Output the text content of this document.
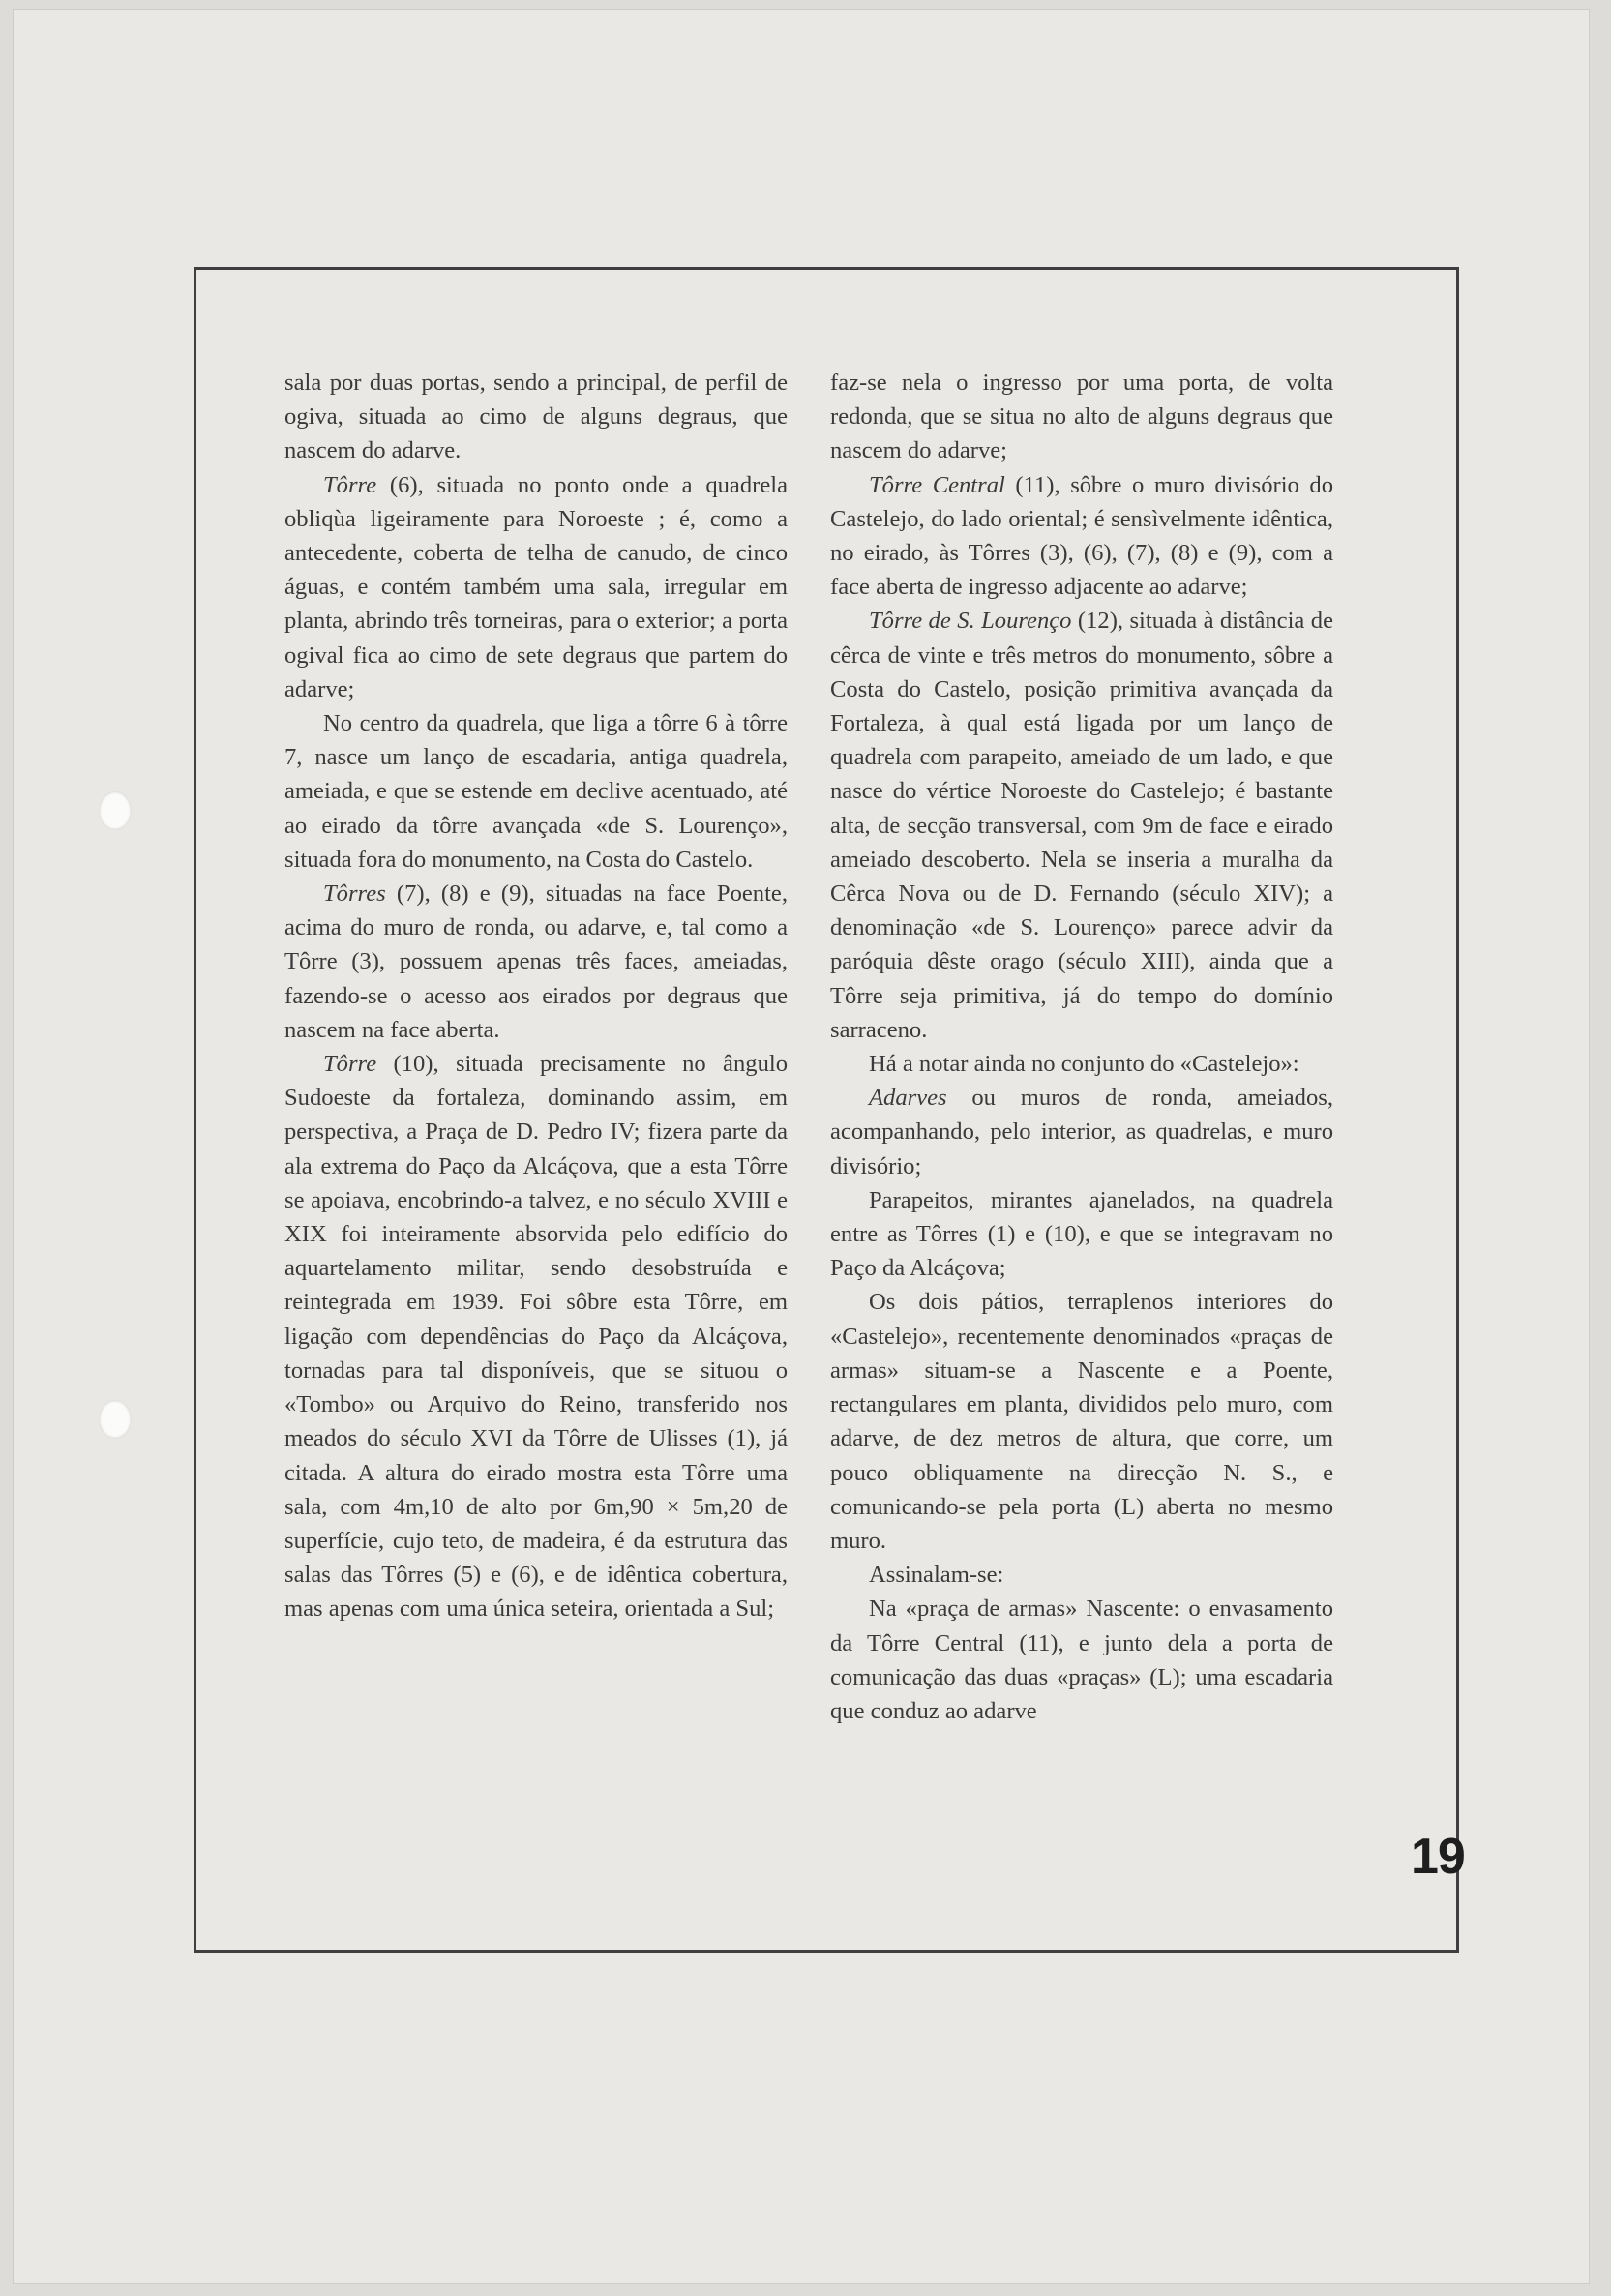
sala por duas portas, sendo a principal, de perfil de ogiva, situada ao cimo de alguns degraus, que nascem do adarve.

Tôrre (6), situada no ponto onde a quadrela obliqùa ligeiramente para Noroeste ; é, como a antecedente, coberta de telha de canudo, de cinco águas, e contém também uma sala, irregular em planta, abrindo três torneiras, para o exterior; a porta ogival fica ao cimo de sete degraus que partem do adarve;

No centro da quadrela, que liga a tôrre 6 à tôrre 7, nasce um lanço de escadaria, antiga quadrela, ameiada, e que se estende em declive acentuado, até ao eirado da tôrre avançada «de S. Lourenço», situada fora do monumento, na Costa do Castelo.

Tôrres (7), (8) e (9), situadas na face Poente, acima do muro de ronda, ou adarve, e, tal como a Tôrre (3), possuem apenas três faces, ameiadas, fazendo-se o acesso aos eirados por degraus que nascem na face aberta.

Tôrre (10), situada precisamente no ângulo Sudoeste da fortaleza, dominando assim, em perspectiva, a Praça de D. Pedro IV; fizera parte da ala extrema do Paço da Alcáçova, que a esta Tôrre se apoiava, encobrindo-a talvez, e no século XVIII e XIX foi inteiramente absorvida pelo edifício do aquartelamento militar, sendo desobstruída e reintegrada em 1939. Foi sôbre esta Tôrre, em ligação com dependências do Paço da Alcáçova, tornadas para tal disponíveis, que se situou o «Tombo» ou Arquivo do Reino, transferido nos meados do século XVI da Tôrre de Ulisses (1), já citada. A altura do eirado mostra esta Tôrre uma sala, com 4m,10 de alto por 6m,90 × 5m,20 de superfície, cujo teto, de madeira, é da estrutura das salas das Tôrres (5) e (6), e de idêntica cobertura, mas apenas com uma única seteira, orientada a Sul;

faz-se nela o ingresso por uma porta, de volta redonda, que se situa no alto de alguns degraus que nascem do adarve;

Tôrre Central (11), sôbre o muro divisório do Castelejo, do lado oriental; é sensìvelmente idêntica, no eirado, às Tôrres (3), (6), (7), (8) e (9), com a face aberta de ingresso adjacente ao adarve;

Tôrre de S. Lourenço (12), situada à distância de cêrca de vinte e três metros do monumento, sôbre a Costa do Castelo, posição primitiva avançada da Fortaleza, à qual está ligada por um lanço de quadrela com parapeito, ameiado de um lado, e que nasce do vértice Noroeste do Castelejo; é bastante alta, de secção transversal, com 9m de face e eirado ameiado descoberto. Nela se inseria a muralha da Cêrca Nova ou de D. Fernando (século XIV); a denominação «de S. Lourenço» parece advir da paróquia dêste orago (século XIII), ainda que a Tôrre seja primitiva, já do tempo do domínio sarraceno.

Há a notar ainda no conjunto do «Castelejo»:

Adarves ou muros de ronda, ameiados, acompanhando, pelo interior, as quadrelas, e muro divisório;

Parapeitos, mirantes ajanelados, na quadrela entre as Tôrres (1) e (10), e que se integravam no Paço da Alcáçova;

Os dois pátios, terraplenos interiores do «Castelejo», recentemente denominados «praças de armas» situam-se a Nascente e a Poente, rectangulares em planta, divididos pelo muro, com adarve, de dez metros de altura, que corre, um pouco obliquamente na direcção N. S., e comunicando-se pela porta (L) aberta no mesmo muro.

Assinalam-se:

Na «praça de armas» Nascente: o envasamento da Tôrre Central (11), e junto dela a porta de comunicação das duas «praças» (L); uma escadaria que conduz ao adarve

19
